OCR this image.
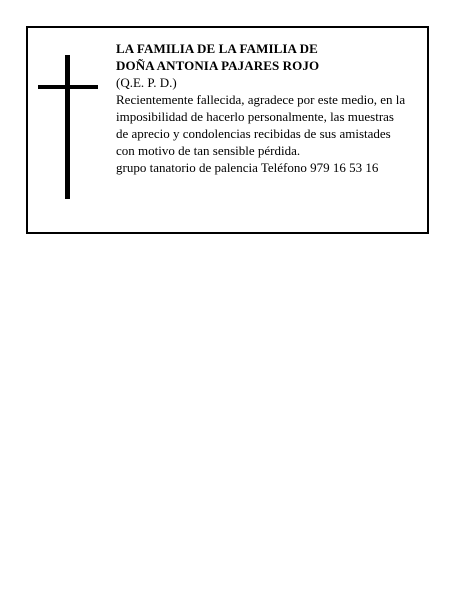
LA FAMILIA DE LA FAMILIA DE
DOÑA ANTONIA PAJARES ROJO
(Q.E. P. D.)
Recientemente fallecida, agradece por este medio, en la
imposibilidad de hacerlo personalmente, las muestras
de aprecio y condolencias recibidas de sus amistades
con motivo de tan sensible pérdida.
grupo tanatorio de palencia Teléfono 979 16 53 16
